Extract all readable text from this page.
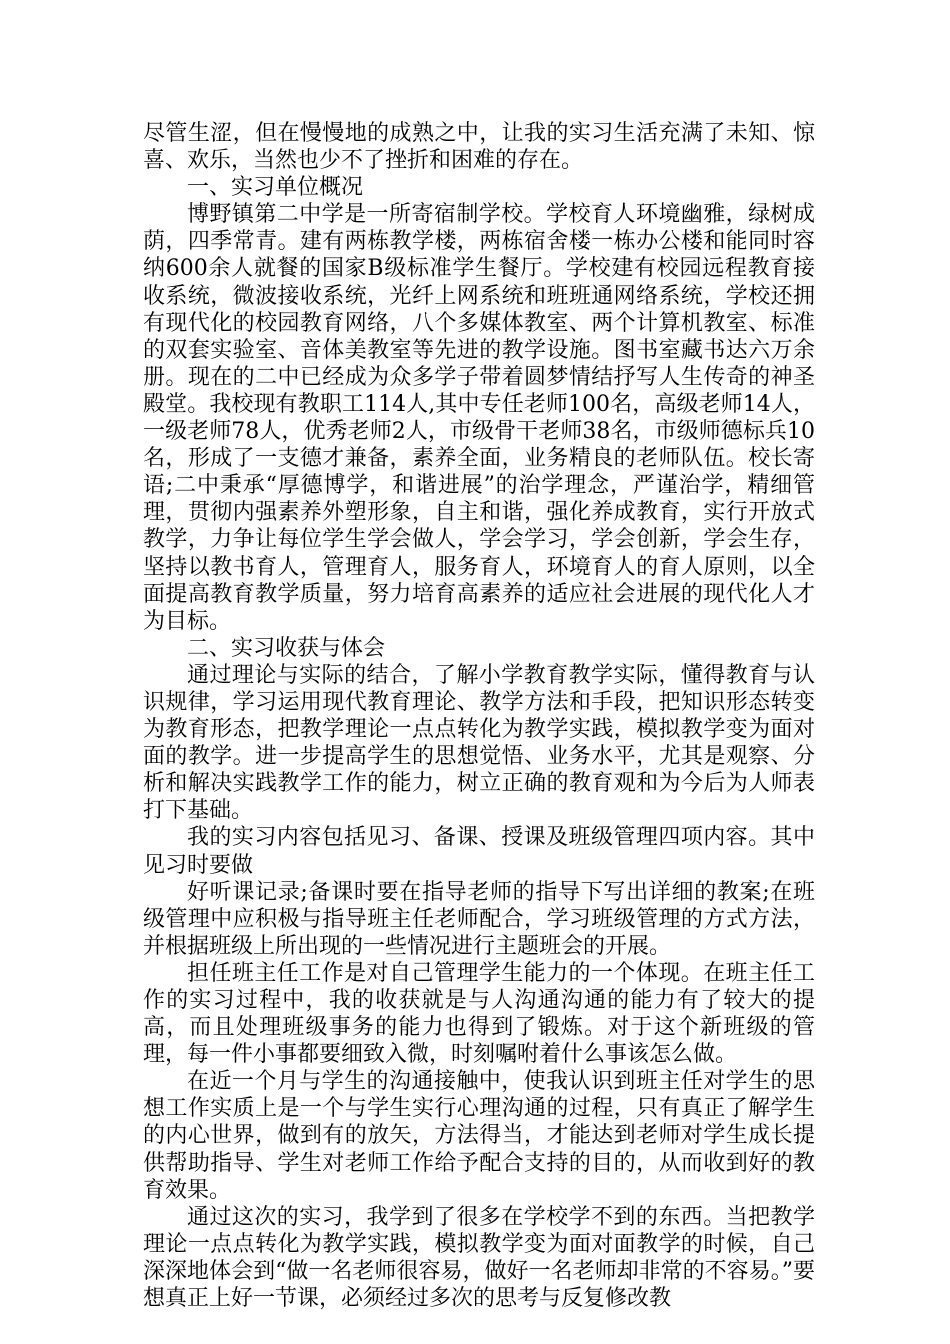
尽管生涩，但在慢慢地的成熟之中，让我的实习生活充满了未知、惊喜、欢乐，当然也少不了挫折和困难的存在。

一、实习单位概况

博野镇第二中学是一所寄宿制学校。学校育人环境幽雅，绿树成荫，四季常青。建有两栋教学楼，两栋宿舍楼一栋办公楼和能同时容纳600余人就餐的国家B级标准学生餐厅。学校建有校园远程教育接收系统，微波接收系统，光纤上网系统和班班通网络系统，学校还拥有现代化的校园教育网络，八个多媒体教室、两个计算机教室、标准的双套实验室、音体美教室等先进的教学设施。图书室藏书达六万余册。现在的二中已经成为众多学子带着圆梦情结抒写人生传奇的神圣殿堂。我校现有教职工114人,其中专任老师100名，高级老师14人，一级老师78人，优秀老师2人，市级骨干老师38名，市级师德标兵10名，形成了一支德才兼备，素养全面，业务精良的老师队伍。校长寄语;二中秉承“厚德博学，和谐进展”的治学理念，严谨治学，精细管理，贯彻内强素养外塑形象，自主和谐，强化养成教育，实行开放式教学，力争让每位学生学会做人，学会学习，学会创新，学会生存，坚持以教书育人，管理育人，服务育人，环境育人的育人原则，以全面提高教育教学质量，努力培育高素养的适应社会进展的现代化人才为目标。

二、实习收获与体会

通过理论与实际的结合，了解小学教育教学实际，懂得教育与认识规律，学习运用现代教育理论、教学方法和手段，把知识形态转变为教育形态，把教学理论一点点转化为教学实践，模拟教学变为面对面的教学。进一步提高学生的思想觉悟、业务水平，尤其是观察、分析和解决实践教学工作的能力，树立正确的教育观和为今后为人师表打下基础。

我的实习内容包括见习、备课、授课及班级管理四项内容。其中见习时要做

好听课记录;备课时要在指导老师的指导下写出详细的教案;在班级管理中应积极与指导班主任老师配合，学习班级管理的方式方法，并根据班级上所出现的一些情况进行主题班会的开展。

担任班主任工作是对自己管理学生能力的一个体现。在班主任工作的实习过程中，我的收获就是与人沟通沟通的能力有了较大的提高，而且处理班级事务的能力也得到了锻炼。对于这个新班级的管理，每一件小事都要细致入微，时刻嘱咐着什么事该怎么做。

在近一个月与学生的沟通接触中，使我认识到班主任对学生的思想工作实质上是一个与学生实行心理沟通的过程，只有真正了解学生的内心世界，做到有的放矢，方法得当，才能达到老师对学生成长提供帮助指导、学生对老师工作给予配合支持的目的，从而收到好的教育效果。

通过这次的实习，我学到了很多在学校学不到的东西。当把教学理论一点点转化为教学实践，模拟教学变为面对面教学的时候，自己深深地体会到“做一名老师很容易，做好一名老师却非常的不容易。”要想真正上好一节课，必须经过多次的思考与反复修改教
